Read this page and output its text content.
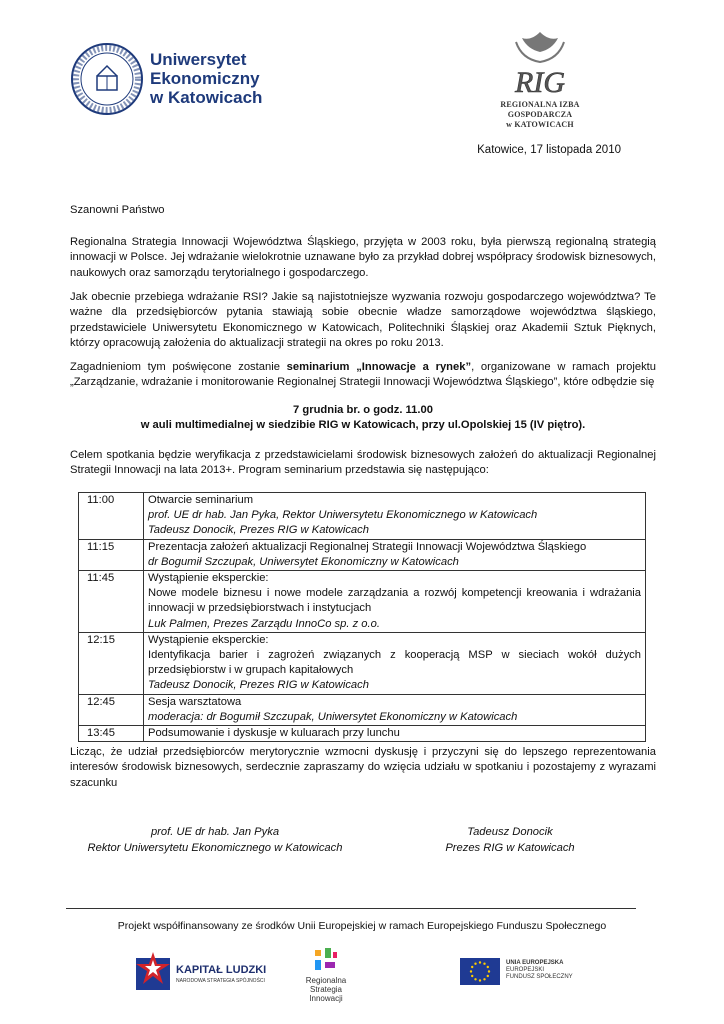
Uniwersytet
Ekonomiczny
w Katowicach	RIG
REGIONALNA IZBA GOSPODARCZA
w KATOWICACH
Katowice, 17 listopada 2010
Szanowni Państwo
Regionalna Strategia Innowacji Województwa Śląskiego, przyjęta w 2003 roku, była pierwszą regionalną strategią innowacji w Polsce. Jej wdrażanie wielokrotnie uznawane było za przykład dobrej współpracy środowisk biznesowych, naukowych oraz samorządu terytorialnego i gospodarczego.
Jak obecnie przebiega wdrażanie RSI? Jakie są najistotniejsze wyzwania rozwoju gospodarczego województwa? Te ważne dla przedsiębiorców pytania stawiają sobie obecnie władze samorządowe województwa śląskiego, przedstawiciele Uniwersytetu Ekonomicznego w Katowicach, Politechniki Śląskiej oraz Akademii Sztuk Pięknych, którzy opracowują założenia do aktualizacji strategii na okres po roku 2013.
Zagadnieniom tym poświęcone zostanie seminarium „Innowacje a rynek”, organizowane w ramach projektu „Zarządzanie, wdrażanie i monitorowanie Regionalnej Strategii Innowacji Województwa Śląskiego”, które odbędzie się
7 grudnia br. o godz. 11.00
w auli multimedialnej w siedzibie RIG w Katowicach, przy ul.Opolskiej 15 (IV piętro).
Celem spotkania będzie weryfikacja z przedstawicielami środowisk biznesowych założeń do aktualizacji Regionalnej Strategii Innowacji na lata 2013+. Program seminarium przedstawia się następująco:
11:00	Otwarcie seminarium
prof. UE dr hab. Jan Pyka, Rektor Uniwersytetu Ekonomicznego w Katowicach
Tadeusz Donocik, Prezes RIG w Katowicach

11:15	Prezentacja założeń aktualizacji Regionalnej Strategii Innowacji Województwa Śląskiego
dr Bogumił Szczupak, Uniwersytet Ekonomiczny w Katowicach

11:45	Wystąpienie eksperckie:
Nowe modele biznesu i nowe modele zarządzania a rozwój kompetencji kreowania i wdrażania innowacji w przedsiębiorstwach i instytucjach
Luk Palmen, Prezes Zarządu InnoCo sp. z o.o.

12:15	Wystąpienie eksperckie:
Identyfikacja barier i zagrożeń związanych z kooperacją MSP w sieciach wokół dużych przedsiębiorstw i w grupach kapitałowych
Tadeusz Donocik, Prezes RIG w Katowicach

12:45	Sesja warsztatowa
moderacja: dr Bogumił Szczupak, Uniwersytet Ekonomiczny w Katowicach

13:45	Podsumowanie i dyskusje w kuluarach przy lunchu
Licząc, że udział przedsiębiorców merytorycznie wzmocni dyskusję i przyczyni się do lepszego reprezentowania interesów środowisk biznesowych, serdecznie zapraszamy do wzięcia udziału w spotkaniu i pozostajemy z wyrazami szacunku
prof. UE dr hab. Jan Pyka
Rektor Uniwersytetu Ekonomicznego w Katowicach
Tadeusz Donocik
Prezes RIG w Katowicach
Projekt współfinansowany ze środków Unii Europejskiej w ramach Europejskiego Funduszu Społecznego
KAPITAŁ LUDZKI
NARODOWA STRATEGIA SPÓJNOŚCI	Regionalna
Strategia
Innowacji
UNIA EUROPEJSKA
EUROPEJSKI
FUNDUSZ SPOŁECZNY
